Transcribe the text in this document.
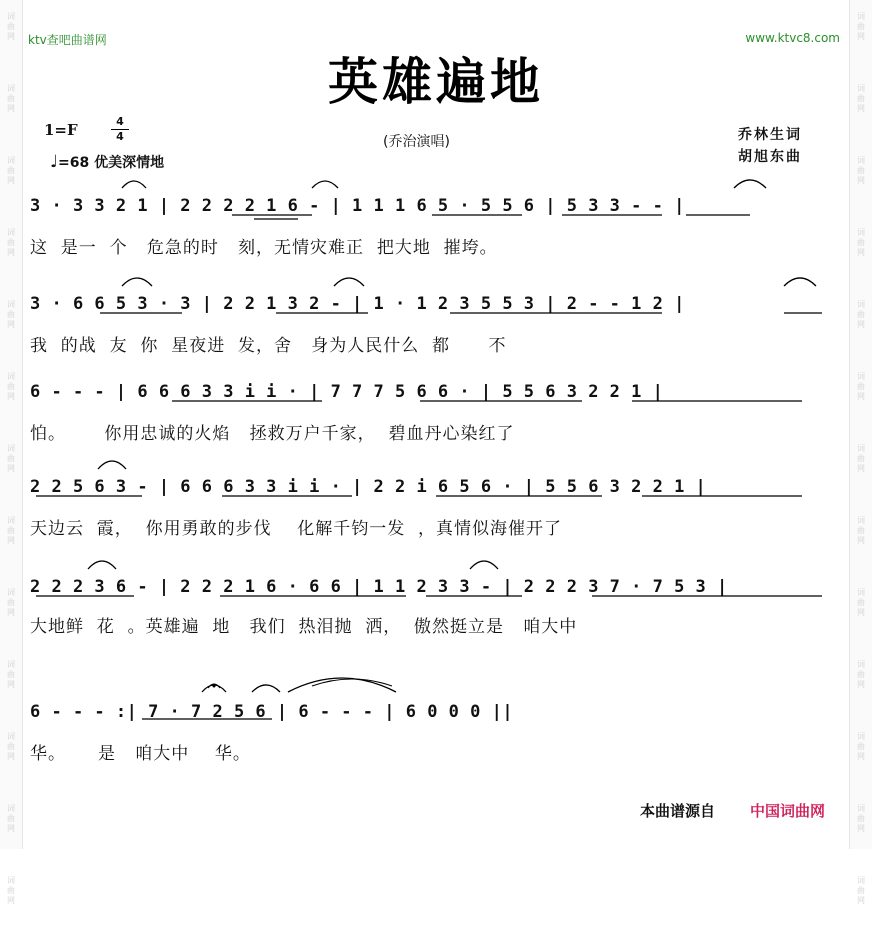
词
曲
网
词
曲
网
词
曲
网
词
曲
网
词
曲
网
词
曲
网
词
曲
网
词
曲
网
词
曲
网
词
曲
网
词
曲
网
词
曲
网
词
曲
网
词
曲
网
词
曲
网
词
曲
网
词
曲
网
词
曲
网
词
曲
网
词
曲
网
词
曲
网
词
曲
网
词
曲
网
词
曲
网
词
曲
网
词
曲
网
ktv查吧曲谱网	www.ktvc8.com
英雄遍地
1=F	4
4
♩=68 优美深情地
(乔治演唱)	乔林生词
胡旭东曲
3 · 3 3 2 1 | 2 2 2 2 1 6 - | 1 1 1 6 5 · 5 5 6 | 5 3 3 - - |
这  是一  个   危急的时   刻，无情灾难正  把大地  摧垮。
3 · 6 6 5 3 · 3 | 2 2 1 3 2 - | 1 · 1 2 3 5 5 3 | 2 - - 1 2 |
我  的战  友  你  星夜进  发，舍   身为人民什么  都      不
6 - - - | 6 6 6 3 3 i i · | 7 7 7 5 6 6 · | 5 5 6 3 2 2 1 |
怕。      你用忠诚的火焰   拯救万户千家，  碧血丹心染红了
2 2 5 6 3 - | 6 6 6 3 3 i i · | 2 2 i 6 5 6 · | 5 5 6 3 2 2 1 |
天边云  霞，  你用勇敢的步伐    化解千钧一发  ，真情似海催开了
2 2 2 3 6 - | 2 2 2 1 6 · 6 6 | 1 1 2 3 3 - | 2 2 2 3 7 · 7 5 3 |
大地鲜  花  。英雄遍  地   我们  热泪抛  洒，  傲然挺立是   咱大中
6 - - - :| 7 · 7 2 5 6 | 6 - - - | 6 0 0 0 ||
华。     是   咱大中    华。
本曲谱源自 中国词曲网
